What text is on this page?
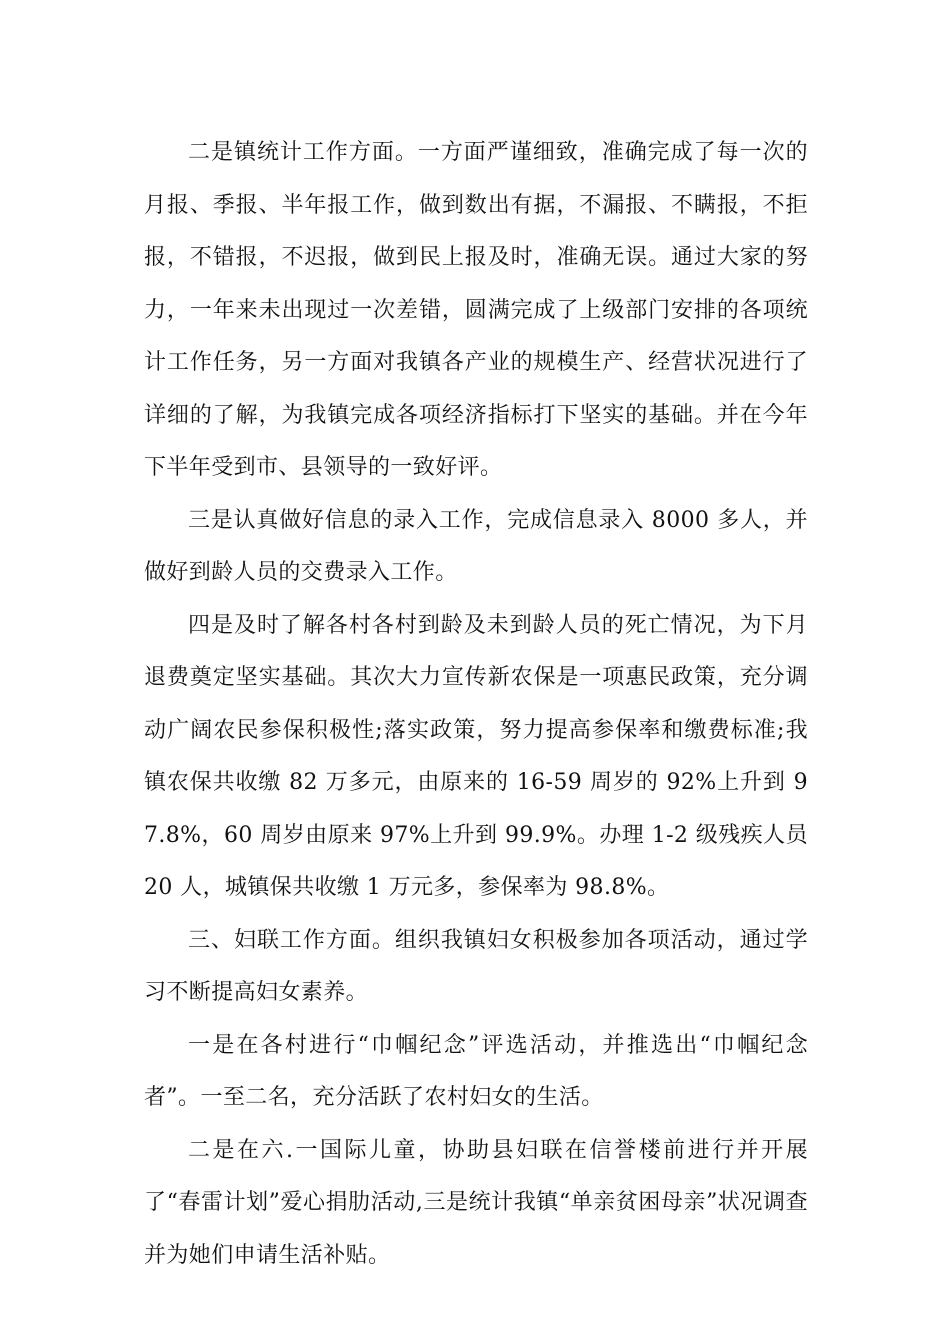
二是镇统计工作方面。一方面严谨细致，准确完成了每一次的月报、季报、半年报工作，做到数出有据，不漏报、不瞒报，不拒报，不错报，不迟报，做到民上报及时，准确无误。通过大家的努力，一年来未出现过一次差错，圆满完成了上级部门安排的各项统计工作任务，另一方面对我镇各产业的规模生产、经营状况进行了详细的了解，为我镇完成各项经济指标打下坚实的基础。并在今年下半年受到市、县领导的一致好评。

三是认真做好信息的录入工作，完成信息录入 8000 多人，并做好到龄人员的交费录入工作。

四是及时了解各村各村到龄及未到龄人员的死亡情况，为下月退费奠定坚实基础。其次大力宣传新农保是一项惠民政策，充分调动广阔农民参保积极性;落实政策，努力提高参保率和缴费标准;我镇农保共收缴 82 万多元，由原来的 16-59 周岁的 92%上升到 97.8%，60 周岁由原来 97%上升到 99.9%。办理 1-2 级残疾人员 20 人，城镇保共收缴 1 万元多，参保率为 98.8%。

三、妇联工作方面。组织我镇妇女积极参加各项活动，通过学习不断提高妇女素养。

一是在各村进行“巾帼纪念”评选活动，并推选出“巾帼纪念者”。一至二名，充分活跃了农村妇女的生活。

二是在六.一国际儿童，协助县妇联在信誉楼前进行并开展了“春雷计划”爱心捐肋活动,三是统计我镇“单亲贫困母亲”状况调查并为她们申请生活补贴。
